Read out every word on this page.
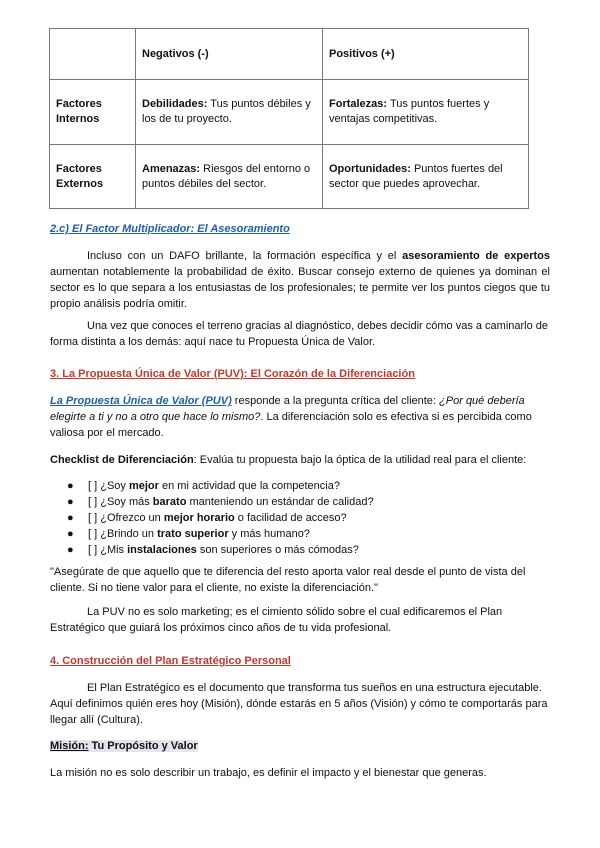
	Negativos (-)	Positivos (+)
Factores Internos	Debilidades: Tus puntos débiles y los de tu proyecto.	Fortalezas: Tus puntos fuertes y ventajas competitivas.
Factores Externos	Amenazas: Riesgos del entorno o puntos débiles del sector.	Oportunidades: Puntos fuertes del sector que puedes aprovechar.
2.c) El Factor Multiplicador: El Asesoramiento
Incluso con un DAFO brillante, la formación específica y el asesoramiento de expertos aumentan notablemente la probabilidad de éxito. Buscar consejo externo de quienes ya dominan el sector es lo que separa a los entusiastas de los profesionales; te permite ver los puntos ciegos que tu propio análisis podría omitir.
Una vez que conoces el terreno gracias al diagnóstico, debes decidir cómo vas a caminarlo de forma distinta a los demás: aquí nace tu Propuesta Única de Valor.
3. La Propuesta Única de Valor (PUV): El Corazón de la Diferenciación
La Propuesta Única de Valor (PUV) responde a la pregunta crítica del cliente: ¿Por qué debería elegirte a ti y no a otro que hace lo mismo?. La diferenciación solo es efectiva si es percibida como valiosa por el mercado.
Checklist de Diferenciación: Evalúa tu propuesta bajo la óptica de la utilidad real para el cliente:
● [ ] ¿Soy mejor en mi actividad que la competencia?
● [ ] ¿Soy más barato manteniendo un estándar de calidad?
● [ ] ¿Ofrezco un mejor horario o facilidad de acceso?
● [ ] ¿Brindo un trato superior y más humano?
● [ ] ¿Mis instalaciones son superiores o más cómodas?
"Asegúrate de que aquello que te diferencia del resto aporta valor real desde el punto de vista del cliente. Si no tiene valor para el cliente, no existe la diferenciación."
La PUV no es solo marketing; es el cimiento sólido sobre el cual edificaremos el Plan Estratégico que guiará los próximos cinco años de tu vida profesional.
4. Construcción del Plan Estratégico Personal
El Plan Estratégico es el documento que transforma tus sueños en una estructura ejecutable. Aquí definimos quién eres hoy (Misión), dónde estarás en 5 años (Visión) y cómo te comportarás para llegar allí (Cultura).
Misión: Tu Propósito y Valor
La misión no es solo describir un trabajo, es definir el impacto y el bienestar que generas.
